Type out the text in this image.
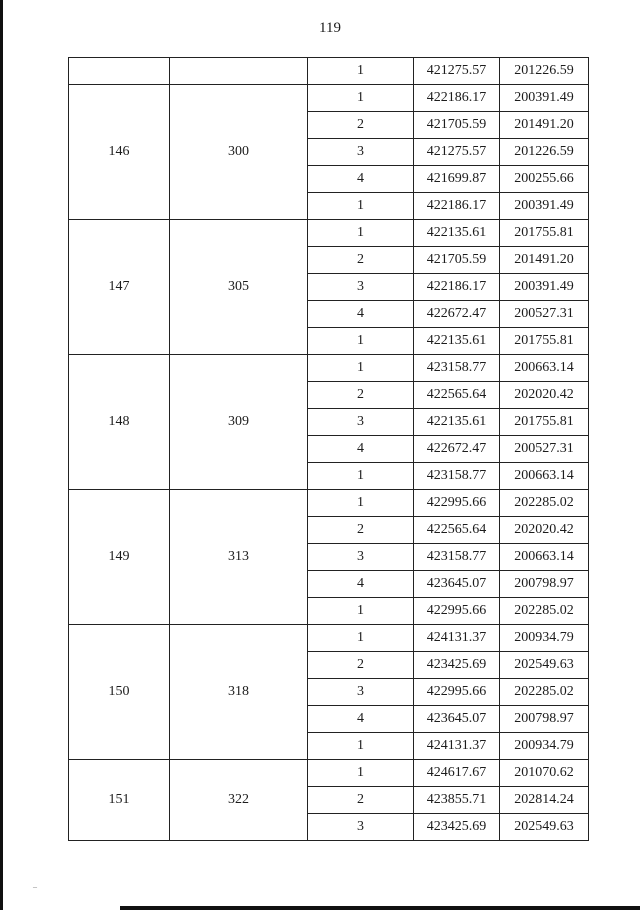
119
		1	421275.57	201226.59
146	300	1	422186.17	200391.49
		2	421705.59	201491.20
		3	421275.57	201226.59
		4	421699.87	200255.66
		1	422186.17	200391.49
147	305	1	422135.61	201755.81
		2	421705.59	201491.20
		3	422186.17	200391.49
		4	422672.47	200527.31
		1	422135.61	201755.81
148	309	1	423158.77	200663.14
		2	422565.64	202020.42
		3	422135.61	201755.81
		4	422672.47	200527.31
		1	423158.77	200663.14
149	313	1	422995.66	202285.02
		2	422565.64	202020.42
		3	423158.77	200663.14
		4	423645.07	200798.97
		1	422995.66	202285.02
150	318	1	424131.37	200934.79
		2	423425.69	202549.63
		3	422995.66	202285.02
		4	423645.07	200798.97
		1	424131.37	200934.79
151	322	1	424617.67	201070.62
		2	423855.71	202814.24
		3	423425.69	202549.63
–
